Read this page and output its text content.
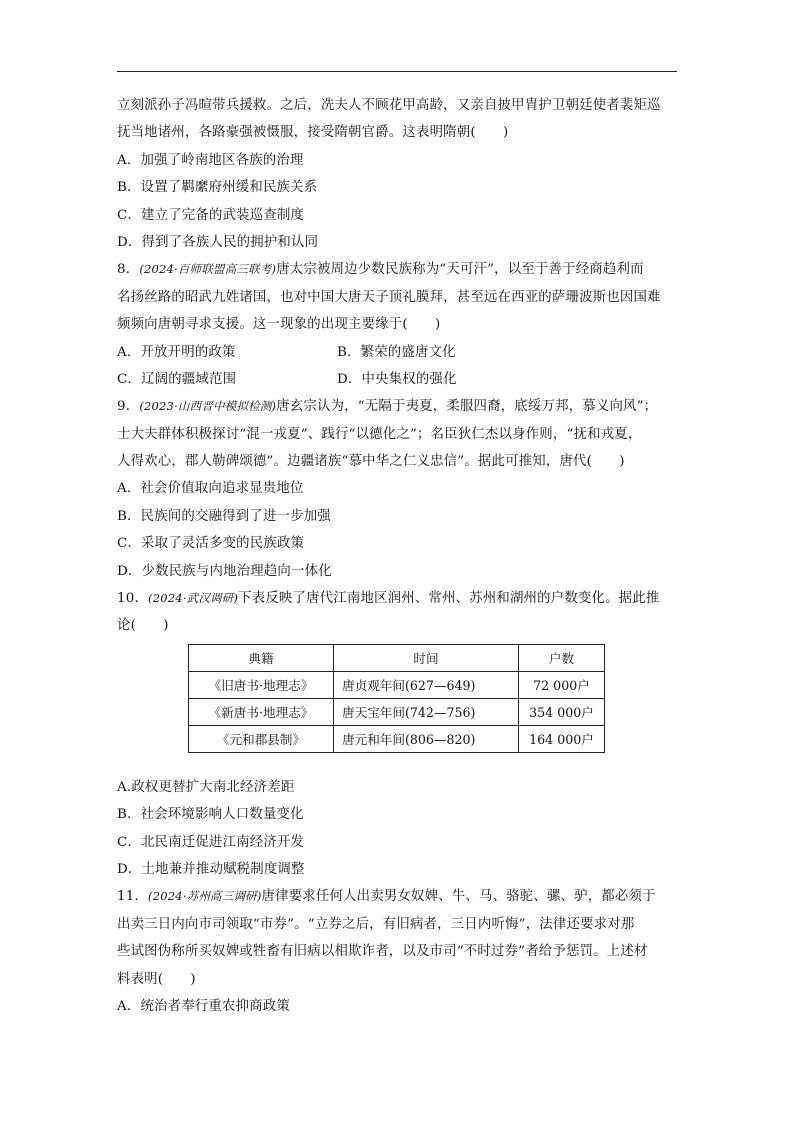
立刻派孙子冯暄带兵援救。之后，冼夫人不顾花甲高龄，又亲自披甲胄护卫朝廷使者裴矩巡
抚当地诸州，各路豪强被慑服，接受隋朝官爵。这表明隋朝(　　)
A．加强了岭南地区各族的治理
B．设置了羁縻府州缓和民族关系
C．建立了完备的武装巡查制度
D．得到了各族人民的拥护和认同
8．(2024·百师联盟高三联考)唐太宗被周边少数民族称为“天可汗”，以至于善于经商趋利而
名扬丝路的昭武九姓诸国，也对中国大唐天子顶礼膜拜，甚至远在西亚的萨珊波斯也因国难
频频向唐朝寻求支援。这一现象的出现主要缘于(　　)
A．开放开明的政策	B．繁荣的盛唐文化
C．辽阔的疆域范围	D．中央集权的强化
9．(2023·山西晋中模拟检测)唐玄宗认为，“无隔于夷夏，柔服四裔，底绥万邦，慕义向风”；
士大夫群体积极探讨“混一戎夏”、践行“以德化之”；名臣狄仁杰以身作则，“抚和戎夏，
人得欢心，郡人勒碑颂德”。边疆诸族“慕中华之仁义忠信”。据此可推知，唐代(　　)
A．社会价值取向追求显贵地位
B．民族间的交融得到了进一步加强
C．采取了灵活多变的民族政策
D．少数民族与内地治理趋向一体化
10．(2024·武汉调研)下表反映了唐代江南地区润州、常州、苏州和湖州的户数变化。据此推
论(　　)
典籍	时间	户数
《旧唐书·地理志》	唐贞观年间(627—649)	72 000户
《新唐书·地理志》	唐天宝年间(742—756)	354 000户
《元和郡县制》	唐元和年间(806—820)	164 000户
A.政权更替扩大南北经济差距
B．社会环境影响人口数量变化
C．北民南迁促进江南经济开发
D．土地兼并推动赋税制度调整
11．(2024·苏州高三调研)唐律要求任何人出卖男女奴婢、牛、马、骆驼、骡、驴，都必须于
出卖三日内向市司领取“市券”。“立券之后，有旧病者，三日内听悔”，法律还要求对那
些试图伪称所买奴婢或牲畜有旧病以相欺诈者，以及市司“不时过券”者给予惩罚。上述材
料表明(　　)
A．统治者奉行重农抑商政策
